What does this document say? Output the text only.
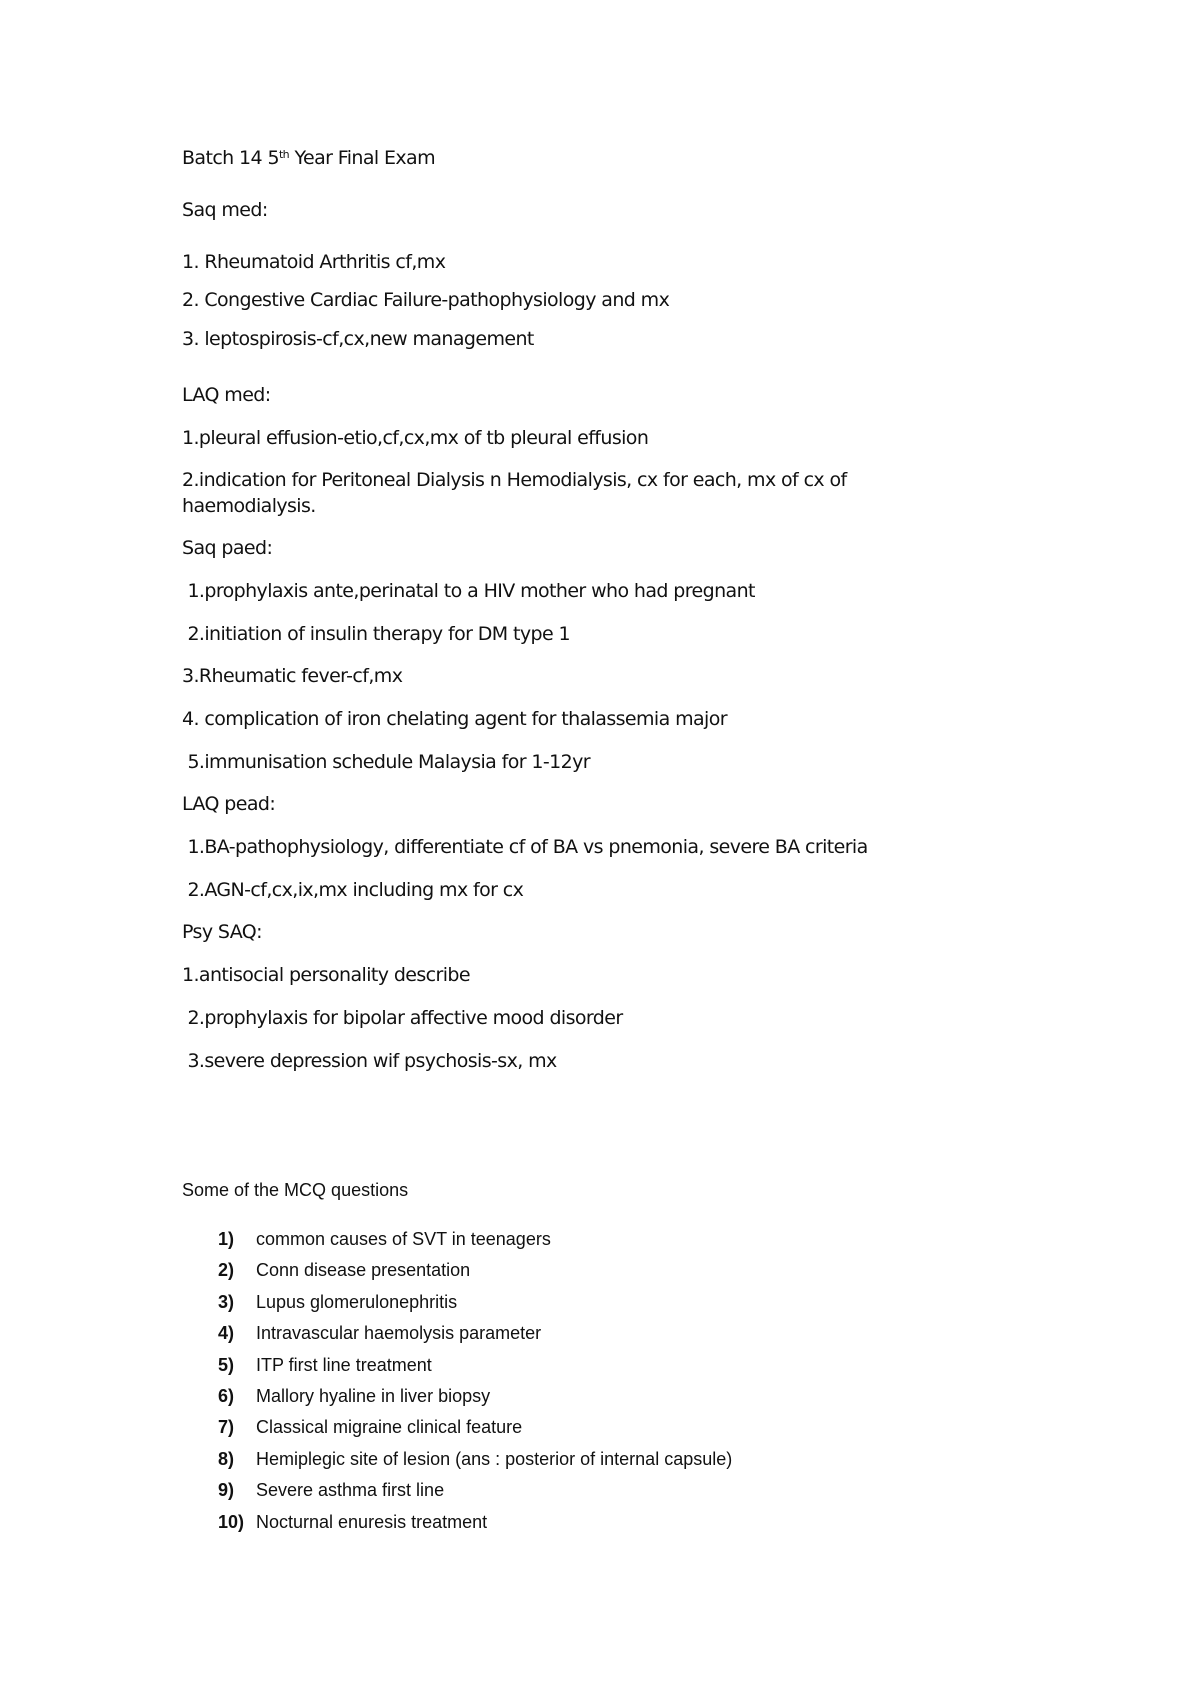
Batch 14 5th Year Final Exam
Saq med:
1. Rheumatoid Arthritis cf,mx
2. Congestive Cardiac Failure-pathophysiology and mx
3. leptospirosis-cf,cx,new management
LAQ med:
1.pleural effusion-etio,cf,cx,mx of tb pleural effusion
2.indication for Peritoneal Dialysis n Hemodialysis, cx for each, mx of cx of
haemodialysis.
Saq paed:
1.prophylaxis ante,perinatal to a HIV mother who had pregnant
2.initiation of insulin therapy for DM type 1
3.Rheumatic fever-cf,mx
4. complication of iron chelating agent for thalassemia major
5.immunisation schedule Malaysia for 1-12yr
LAQ pead:
1.BA-pathophysiology, differentiate cf of BA vs pnemonia, severe BA criteria
2.AGN-cf,cx,ix,mx including mx for cx
Psy SAQ:
1.antisocial personality describe
2.prophylaxis for bipolar affective mood disorder
3.severe depression wif psychosis-sx, mx
Some of the MCQ questions
1) common causes of SVT in teenagers
2) Conn disease presentation
3) Lupus glomerulonephritis
4) Intravascular haemolysis parameter
5) ITP first line treatment
6) Mallory hyaline in liver biopsy
7) Classical migraine clinical feature
8) Hemiplegic site of lesion (ans : posterior of internal capsule)
9) Severe asthma first line
10) Nocturnal enuresis treatment
